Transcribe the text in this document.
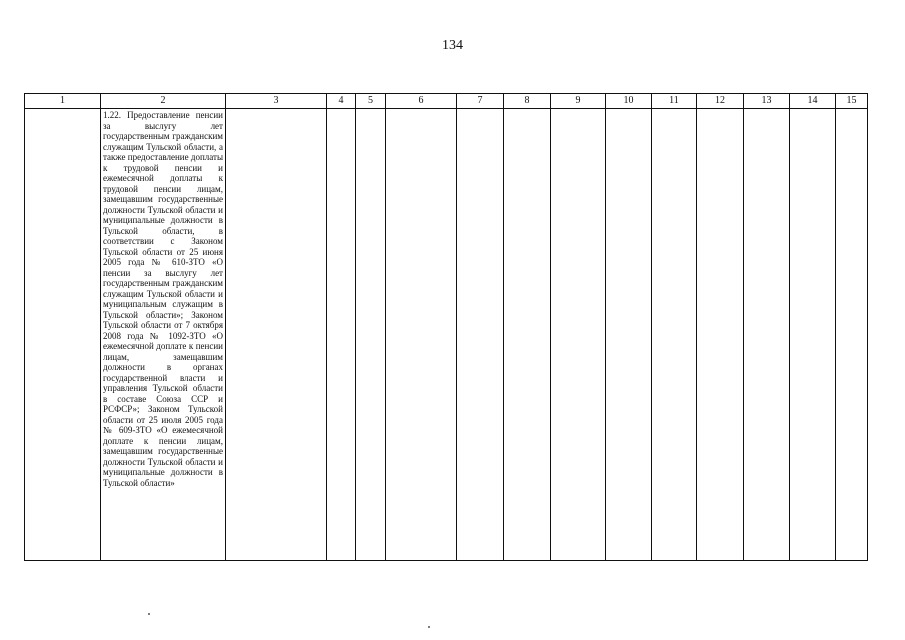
134
1	2	3	4	5	6	7	8	9	10	11	12	13	14	15
	1.22. Предоставление пенсии за выслугу лет государственным гражданским служащим Тульской области, а также предоставление доплаты к трудовой пенсии и ежемесячной доплаты к трудовой пенсии лицам, замещавшим государственные должности Тульской области и муниципальные должности в Тульской области, в соответствии с Законом Тульской области от 25 июня 2005 года № 610-ЗТО «О пенсии за выслугу лет государственным гражданским служащим Тульской области и муниципальным служащим в Тульской области»; Законом Тульской области от 7 октября 2008 года № 1092-ЗТО «О ежемесячной доплате к пенсии лицам, замещавшим должности в органах государственной власти и управления Тульской области в составе Союза ССР и РСФСР»; Законом Тульской области от 25 июля 2005 года № 609-ЗТО «О ежемесячной доплате к пенсии лицам, замещавшим государственные должности Тульской области и муниципальные должности в Тульской области»													
